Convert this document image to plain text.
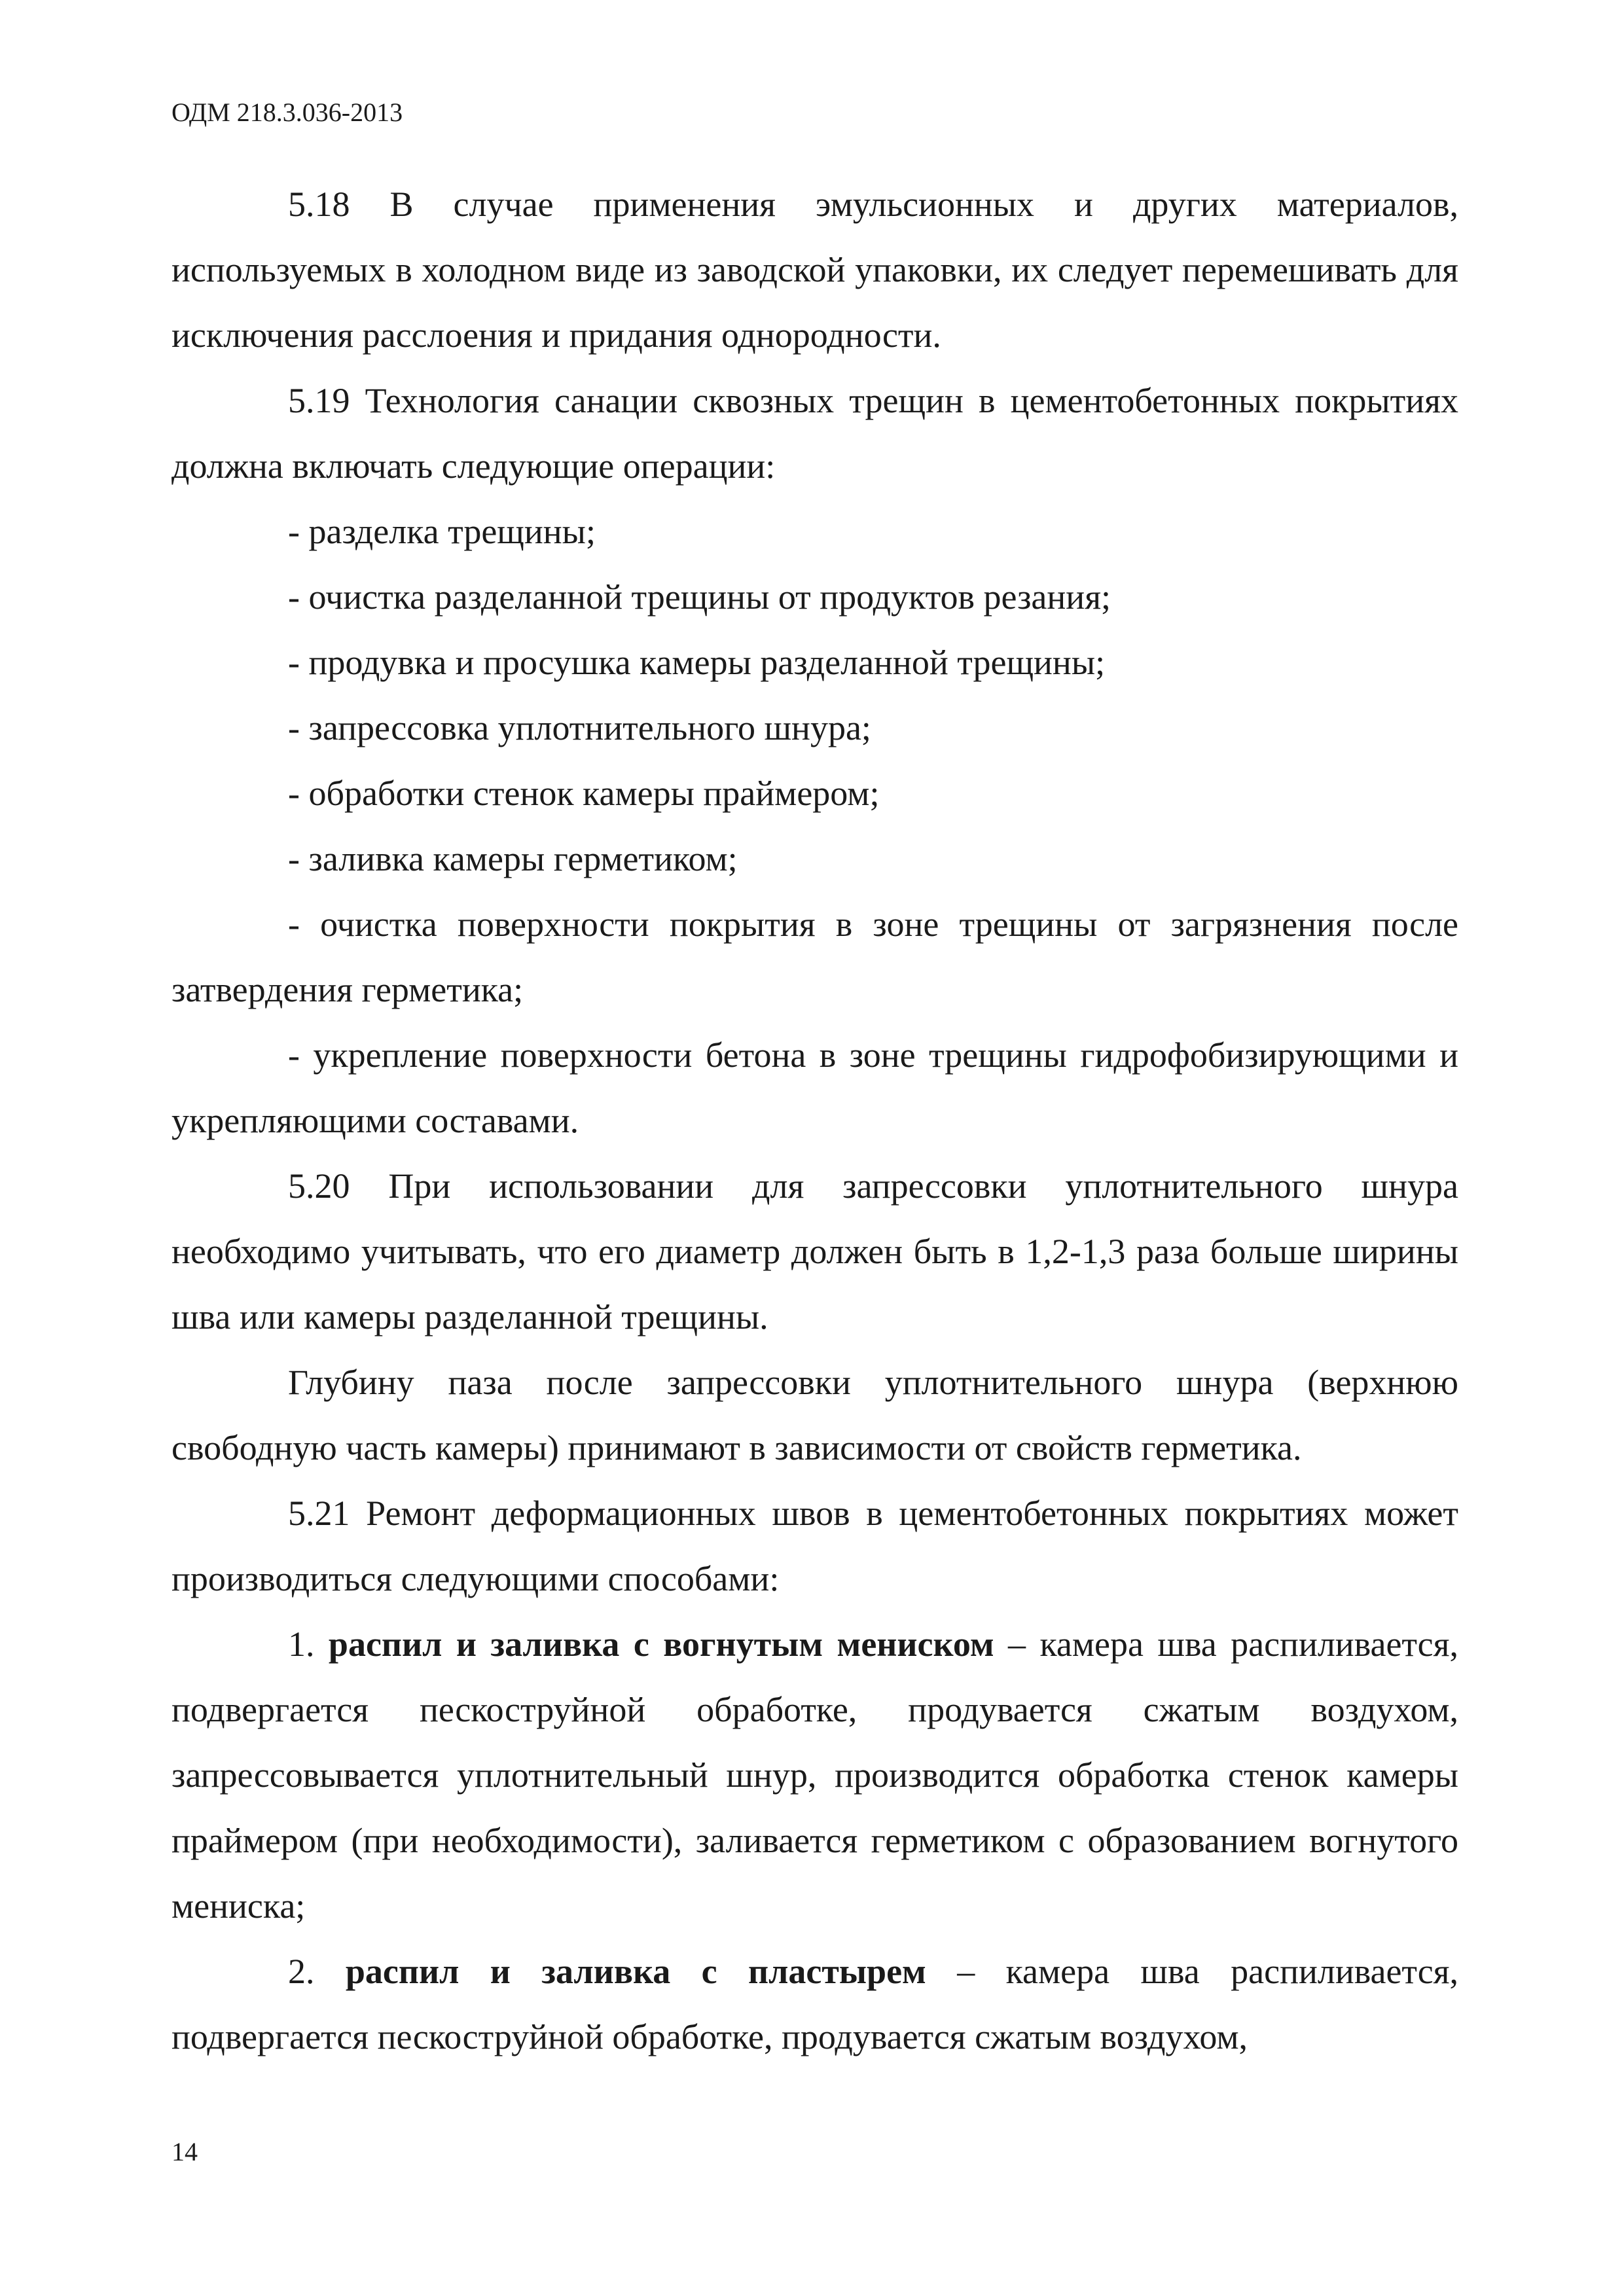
ОДМ 218.3.036-2013

5.18 В случае применения эмульсионных и других материалов, используемых в холодном виде из заводской упаковки, их следует перемешивать для исключения расслоения и придания однородности.

5.19 Технология санации сквозных трещин в цементобетонных покрытиях должна включать следующие операции:

- разделка трещины;

- очистка разделанной трещины от продуктов резания;

- продувка и просушка камеры разделанной трещины;

- запрессовка уплотнительного шнура;

- обработки стенок камеры праймером;

- заливка камеры герметиком;

- очистка поверхности покрытия в зоне трещины от загрязнения после затвердения герметика;

- укрепление поверхности бетона в зоне трещины гидрофобизирующими и укрепляющими составами.

5.20 При использовании для запрессовки уплотнительного шнура необходимо учитывать, что его диаметр должен быть в 1,2-1,3 раза больше ширины шва или камеры разделанной трещины.

Глубину паза после запрессовки уплотнительного шнура (верхнюю свободную часть камеры) принимают в зависимости от свойств герметика.

5.21 Ремонт деформационных швов в цементобетонных покрытиях может производиться следующими способами:

1. распил и заливка с вогнутым мениском – камера шва распиливается, подвергается пескоструйной обработке, продувается сжатым воздухом, запрессовывается уплотнительный шнур, производится обработка стенок камеры праймером (при необходимости), заливается герметиком с образованием вогнутого мениска;

2. распил и заливка с пластырем – камера шва распиливается, подвергается пескоструйной обработке, продувается сжатым воздухом,

14
